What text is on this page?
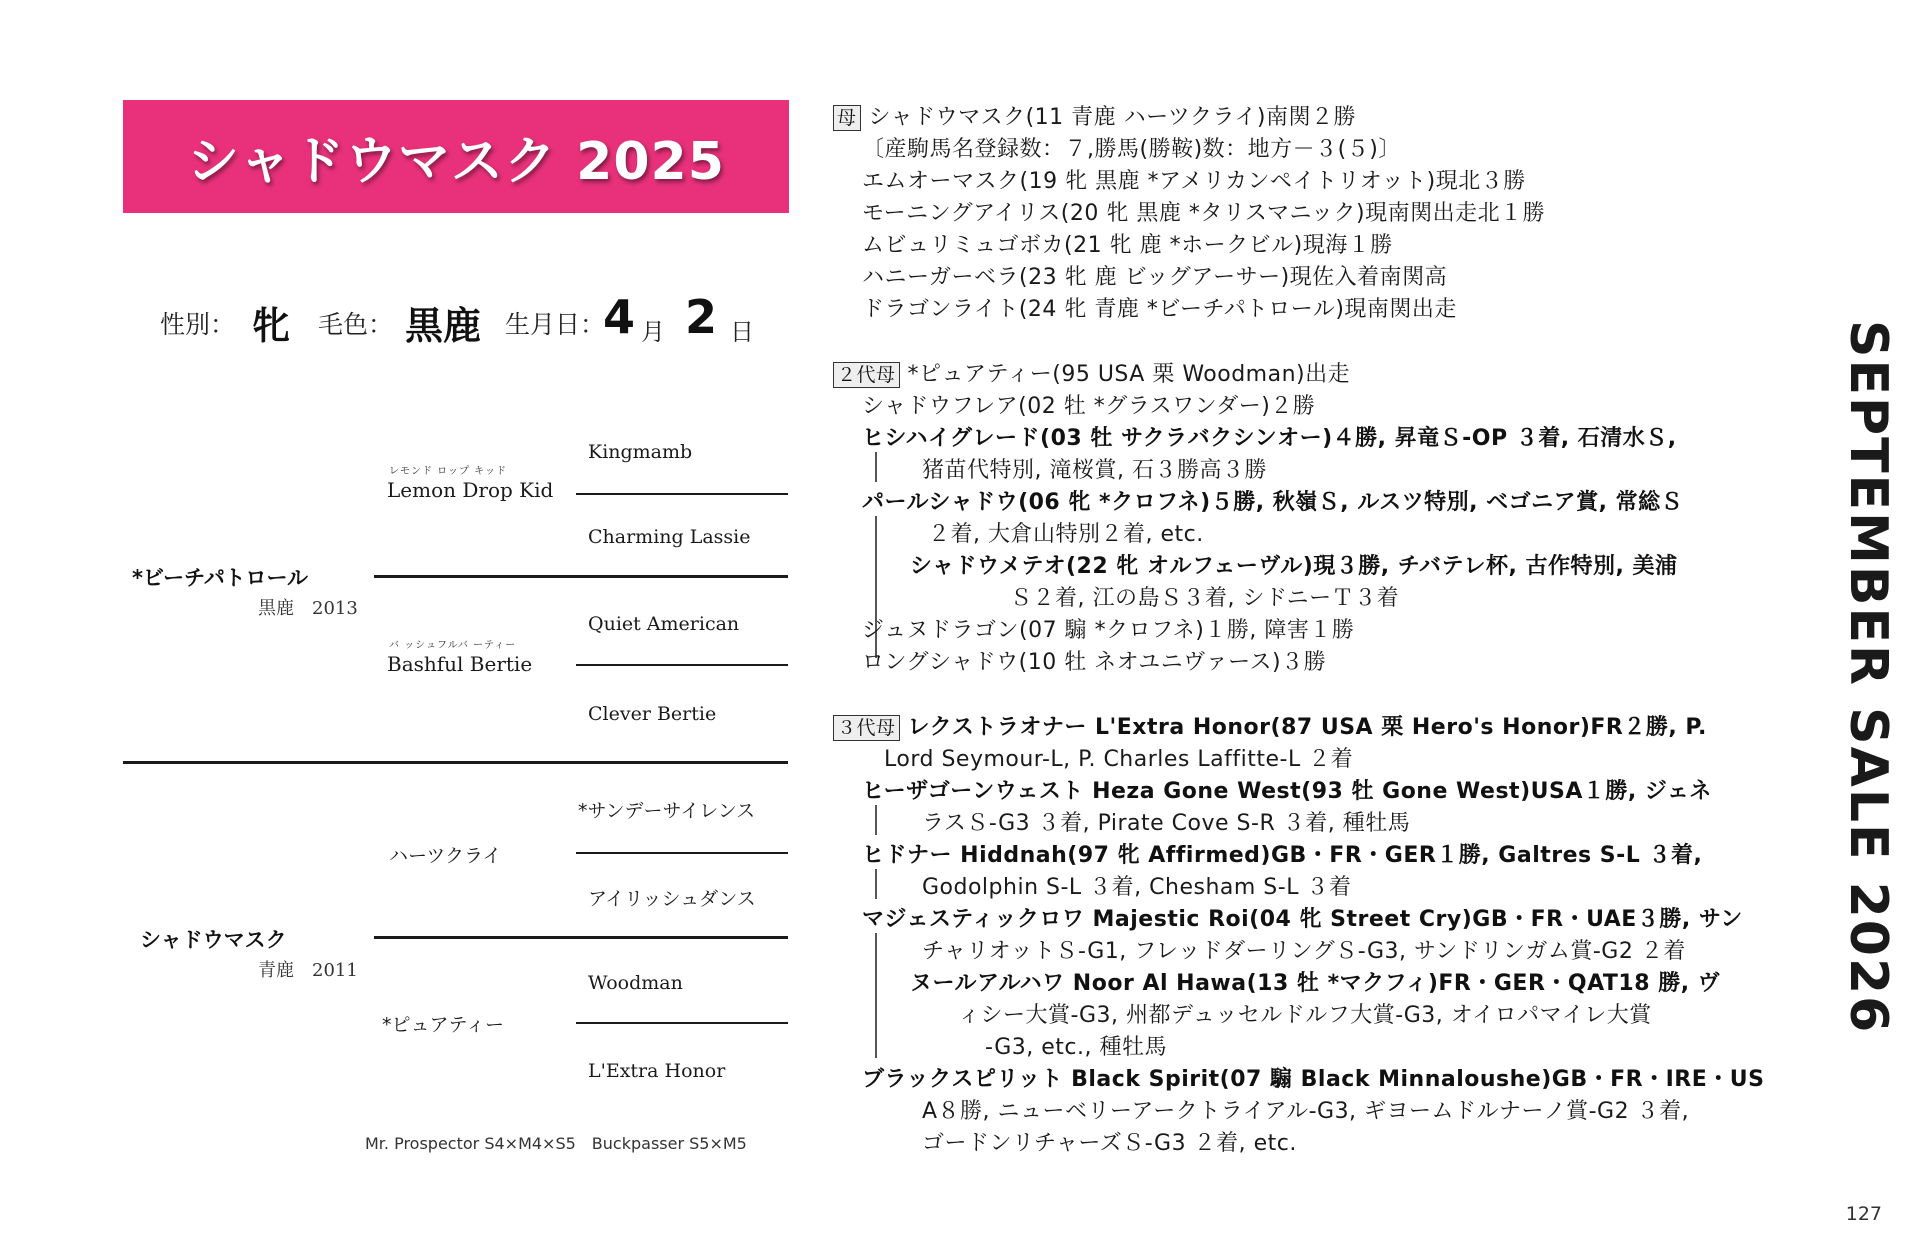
シャドウマスク 2025
性別： 牝 毛色： 黒鹿 生月日：
4 月 2 日
*ビーチパトロール
黒鹿　2013
シャドウマスク
青鹿　2011
レモンド ロップ キッド
Lemon Drop Kid
バ ッシュフルバ ーティー
Bashful Bertie
ハーツクライ
*ピュアティー
Kingmamb
Charming Lassie
Quiet American
Clever Bertie
*サンデーサイレンス
アイリッシュダンス
Woodman
L'Extra Honor
Mr. Prospector S4×M4×S5　Buckpasser S5×M5
母 シャドウマスク(11 青鹿 ハーツクライ)南関２勝
〔産駒馬名登録数：７,勝馬(勝鞍)数：地方－３(５)〕
エムオーマスク(19 牝 黒鹿 *アメリカンペイトリオット)現北３勝
モーニングアイリス(20 牝 黒鹿 *タリスマニック)現南関出走北１勝
ムビュリミュゴボカ(21 牝 鹿 *ホークビル)現海１勝
ハニーガーベラ(23 牝 鹿 ビッグアーサー)現佐入着南関高
ドラゴンライト(24 牝 青鹿 *ビーチパトロール)現南関出走
２代母 *ピュアティー(95 USA 栗 Woodman)出走
シャドウフレア(02 牡 *グラスワンダー)２勝
ヒシハイグレード(03 牡 サクラバクシンオー)４勝, 昇竜Ｓ-OP ３着, 石清水Ｓ,
猪苗代特別, 滝桜賞, 石３勝高３勝
パールシャドウ(06 牝 *クロフネ)５勝, 秋嶺Ｓ, ルスツ特別, ベゴニア賞, 常総Ｓ
２着, 大倉山特別２着, etc.
シャドウメテオ(22 牝 オルフェーヴル)現３勝, チバテレ杯, 古作特別, 美浦
Ｓ２着, 江の島Ｓ３着, シドニーＴ３着
ジュヌドラゴン(07 騸 *クロフネ)１勝, 障害１勝
ロングシャドウ(10 牡 ネオユニヴァース)３勝
３代母 レクストラオナー L'Extra Honor(87 USA 栗 Hero's Honor)FR２勝, P.
Lord Seymour-L, P. Charles Laffitte-L ２着
ヒーザゴーンウェスト Heza Gone West(93 牡 Gone West)USA１勝, ジェネ
ラスＳ-G3 ３着, Pirate Cove S-R ３着, 種牡馬
ヒドナー Hiddnah(97 牝 Affirmed)GB・FR・GER１勝, Galtres S-L ３着,
Godolphin S-L ３着, Chesham S-L ３着
マジェスティックロワ Majestic Roi(04 牝 Street Cry)GB・FR・UAE３勝, サン
チャリオットＳ-G1, フレッドダーリングＳ-G3, サンドリンガム賞-G2 ２着
ヌールアルハワ Noor Al Hawa(13 牡 *マクフィ)FR・GER・QAT18 勝, ヴ
ィシー大賞-G3, 州都デュッセルドルフ大賞-G3, オイロパマイレ大賞
-G3, etc., 種牡馬
ブラックスピリット Black Spirit(07 騸 Black Minnaloushe)GB・FR・IRE・US
A８勝, ニューベリーアークトライアル-G3, ギヨームドルナーノ賞-G2 ３着,
ゴードンリチャーズＳ-G3 ２着, etc.
SEPTEMBER SALE 2026
127
